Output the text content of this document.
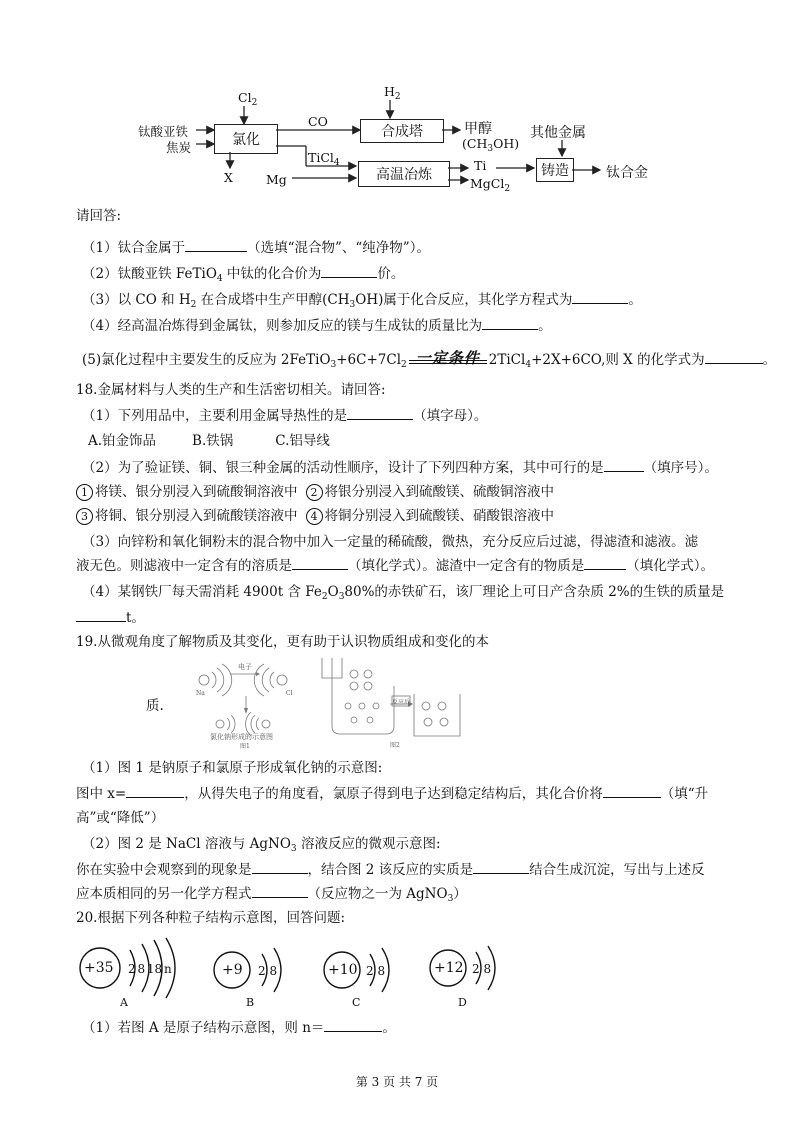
$Cl_2$
钛酸亚铁
焦炭	氯化
X
CO
$H_2$
合成塔	甲醇
$(CH_3OH)$
TiCl$_4$
Mg	高温冶炼
Ti
MgCl$_2$
其他金属
铸造	钛合金
请回答:
（1）钛合金属于	（选填“混合物”、“纯净物”）。
（2）钛酸亚铁 FeTiO$_4$ 中钛的化合价为	价。
（3）以 CO 和 $H_2$ 在合成塔中生产甲醇$(CH_3OH)$属于化合反应，其化学方程式为	。
（4）经高温冶炼得到金属钛，则参加反应的镁与生成钛的质量比为	。
(5)氯化过程中主要发生的反应为 $2FeTiO_3+6C+7Cl_2$ 一定条件 2TiCl$_4$+2X+6CO,则 X 的化学式为	。
18.金属材料与人类的生产和生活密切相关。请回答:
（1）下列用品中，主要利用金属导热性的是	（填字母）。
A.铂金饰品	B.铁锅	C.铝导线
（2）为了验证镁、铜、银三种金属的活动性顺序，设计了下列四种方案，其中可行的是	（填序号）。
1 将镁、银分别浸入到硫酸铜溶液中 2 将银分别浸入到硫酸镁、硫酸铜溶液中
3 将铜、银分别浸入到硫酸镁溶液中 4 将铜分别浸入到硫酸镁、硝酸银溶液中
（3）向锌粉和氧化铜粉末的混合物中加入一定量的稀硫酸，微热，充分反应后过滤，得滤渣和滤液。滤
液无色。则滤液中一定含有的溶质是	（填化学式）。滤渣中一定含有的物质是	（填化学式）。
（4）某钢铁厂每天需消耗 4900t 含 $Fe_2O_380\%$的赤铁矿石，该厂理论上可日产含杂质 2%的生铁的质量是
t。
19.从微观角度了解物质及其变化，更有助于认识物质组成和变化的本
质.
电子
Na	Cl
氯化钠形成的示意图
图1
反应后
图2
（1）图 1 是钠原子和氯原子形成氧化钠的示意图:
图中 x=	，从得失电子的角度看，氯原子得到电子达到稳定结构后，其化合价将	（填“升
高”或“降低”）
（2）图 2 是 NaCl 溶液与 AgNO$_3$ 溶液反应的微观示意图:
你在实验中会观察到的现象是	，结合图 2 该反应的实质是	结合生成沉淀，写出与上述反
应本质相同的另一化学方程式	（反应物之一为 AgNO$_3$）
20.根据下列各种粒子结构示意图，回答问题:
+35 2 8 18 n
A
+9 2 8
B
+10 2 8
C
+12 2 8
D
（1）若图 A 是原子结构示意图，则 n＝	。
第 3 页 共 7 页
